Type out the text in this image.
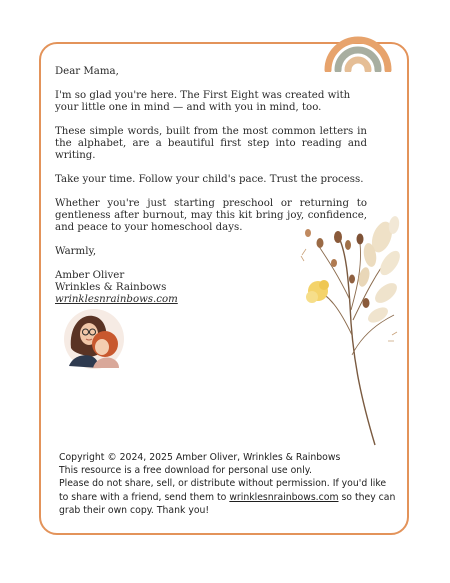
Dear Mama,

I'm so glad you're here. The First Eight was created with your little one in mind — and with you in mind, too.

These simple words, built from the most common letters in the alphabet, are a beautiful first step into reading and writing.

Take your time. Follow your child's pace. Trust the process.

Whether you're just starting preschool or returning to gentleness after burnout, may this kit bring joy, confidence, and peace to your homeschool days.

Warmly,

Amber Oliver
Wrinkles & Rainbows
wrinklesnrainbows.com
Copyright © 2024, 2025 Amber Oliver, Wrinkles & Rainbows
This resource is a free download for personal use only.
Please do not share, sell, or distribute without permission. If you'd like
to share with a friend, send them to wrinklesnrainbows.com so they can
grab their own copy. Thank you!
